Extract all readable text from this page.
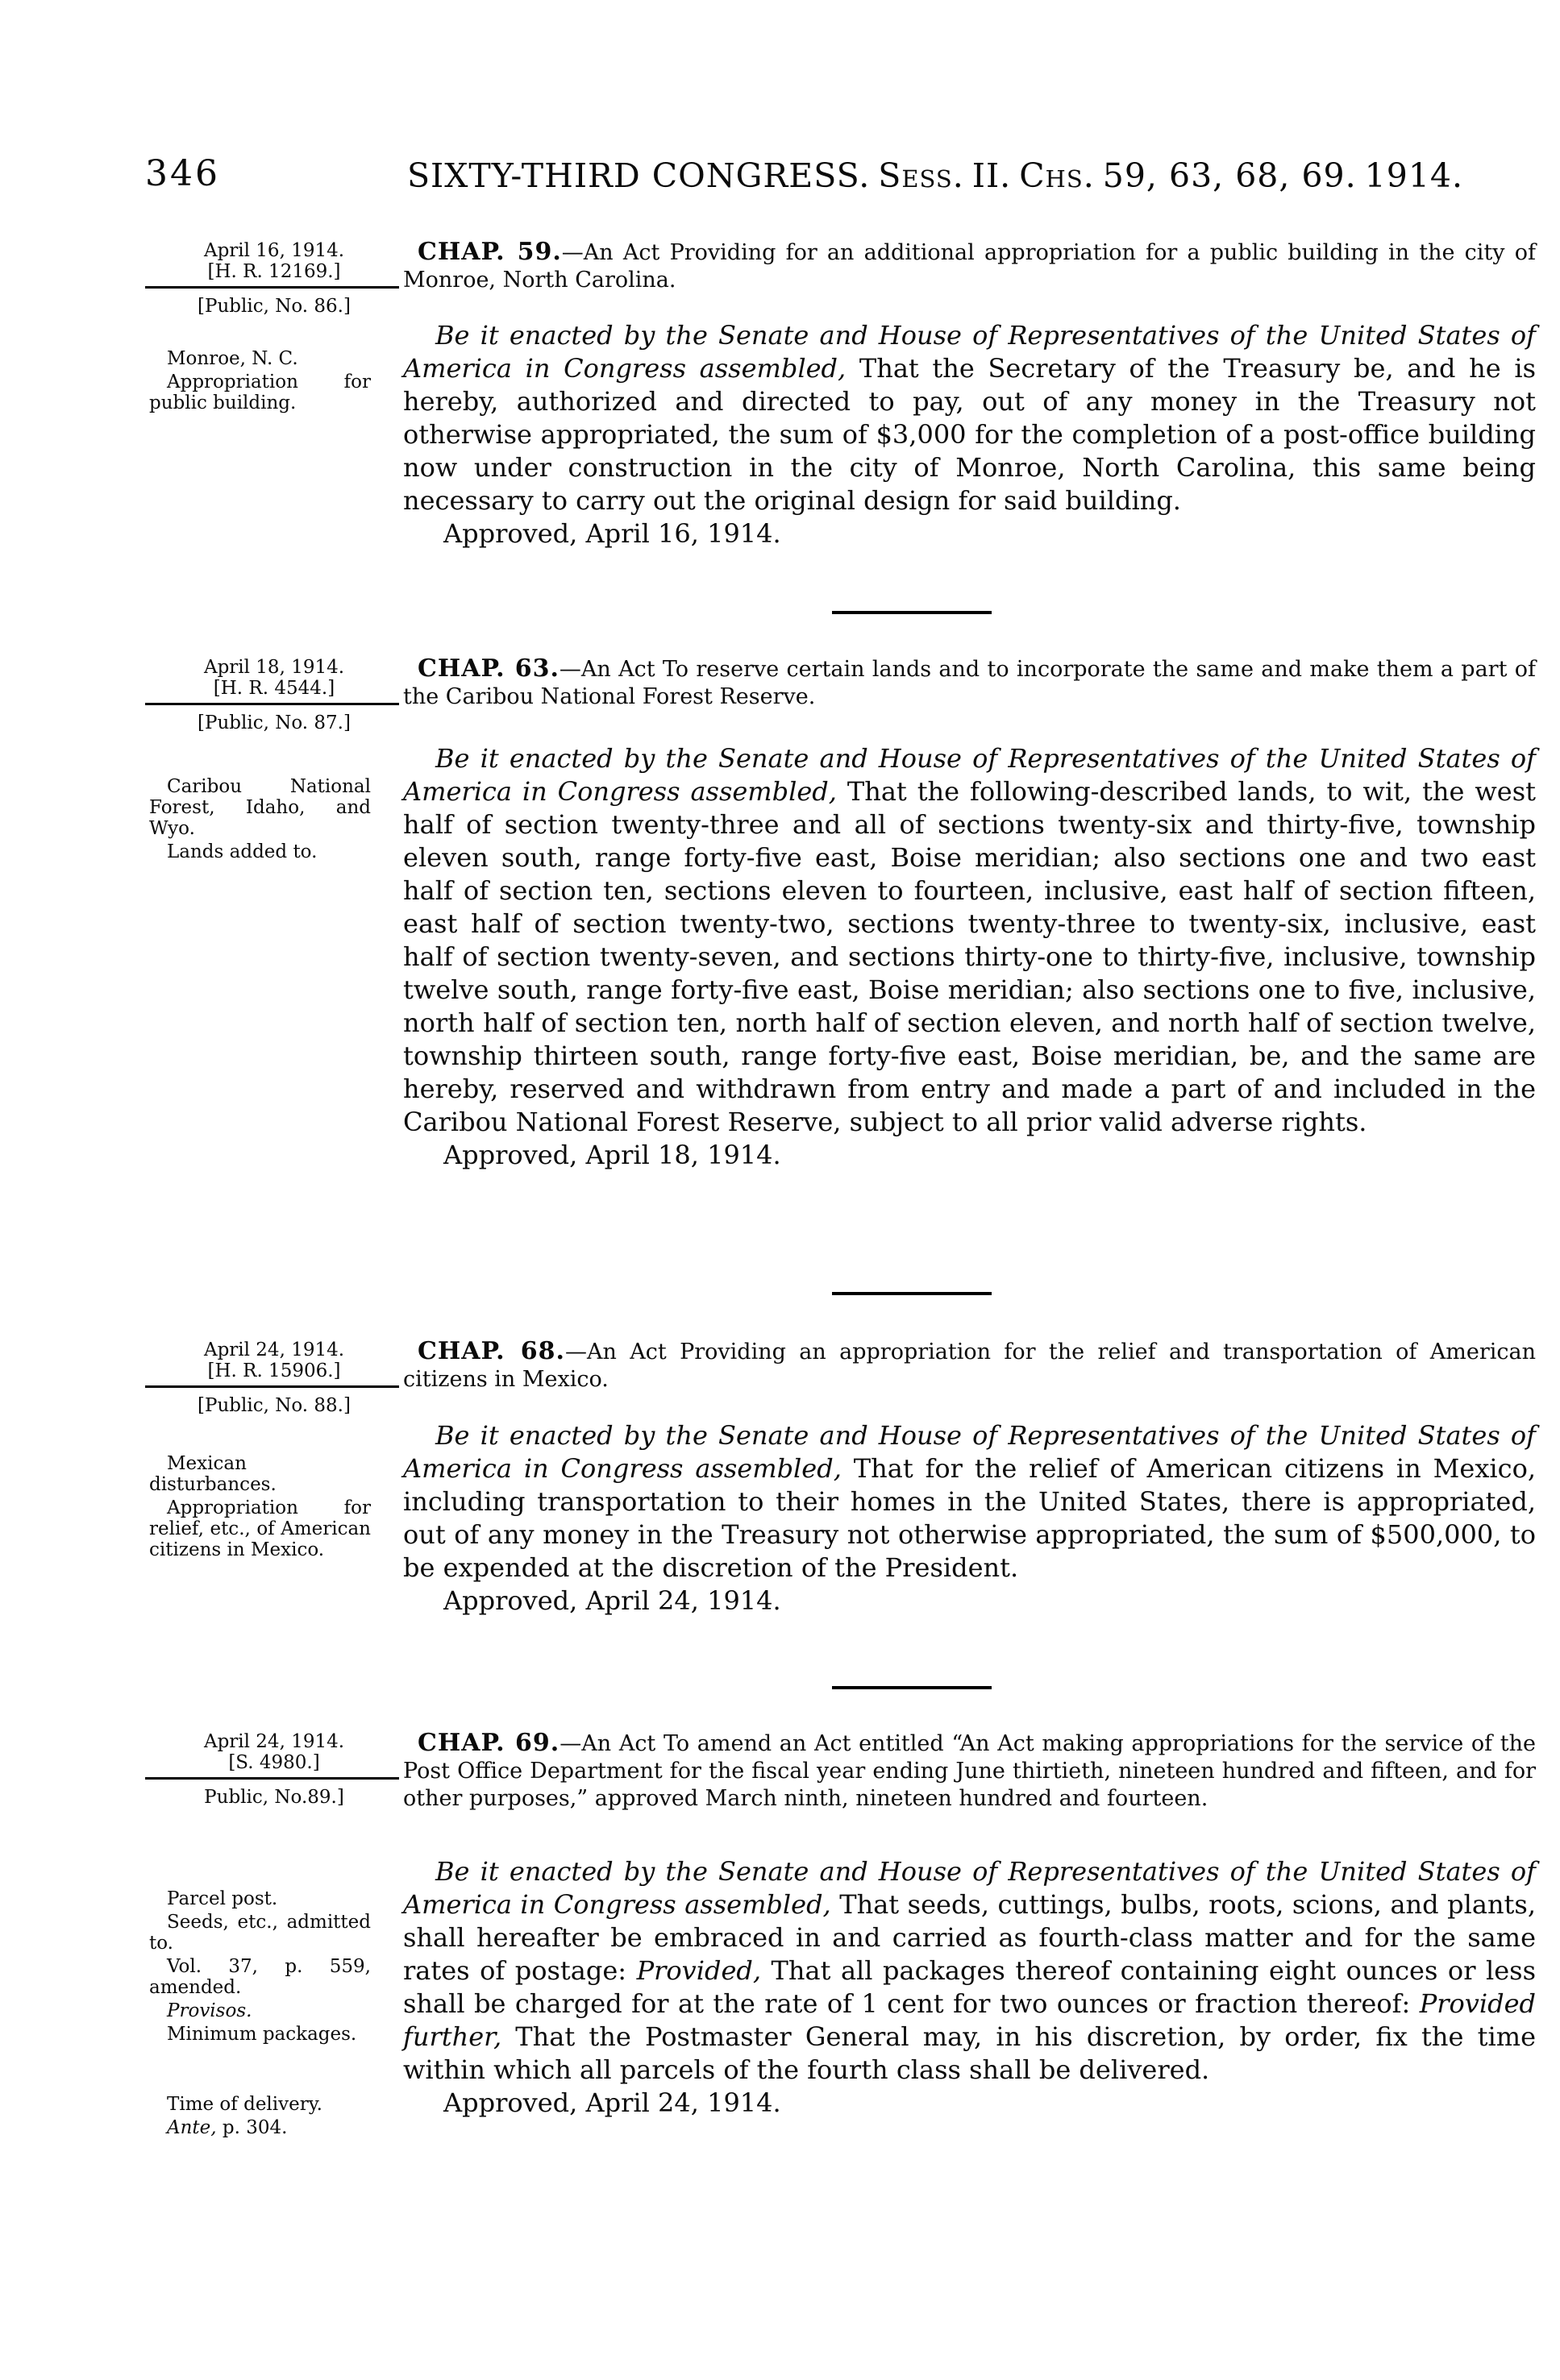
346	SIXTY-THIRD CONGRESS. Sess. II. Chs. 59, 63, 68, 69. 1914.
April 16, 1914.
[H. R. 12169.]
[Public, No. 86.]

Monroe, N. C.

Appropriation for public building.

CHAP. 59.—An Act Providing for an additional appropriation for a public building in the city of Monroe, North Carolina.

Be it enacted by the Senate and House of Representatives of the United States of America in Congress assembled, That the Secretary of the Treasury be, and he is hereby, authorized and directed to pay, out of any money in the Treasury not otherwise appropriated, the sum of $3,000 for the completion of a post-office building now under construction in the city of Monroe, North Carolina, this same being necessary to carry out the original design for said building.

Approved, April 16, 1914.

April 18, 1914.
[H. R. 4544.]
[Public, No. 87.]

Caribou National Forest, Idaho, and Wyo.

Lands added to.

CHAP. 63.—An Act To reserve certain lands and to incorporate the same and make them a part of the Caribou National Forest Reserve.

Be it enacted by the Senate and House of Representatives of the United States of America in Congress assembled, That the following-described lands, to wit, the west half of section twenty-three and all of sections twenty-six and thirty-five, township eleven south, range forty-five east, Boise meridian; also sections one and two east half of section ten, sections eleven to fourteen, inclusive, east half of section fifteen, east half of section twenty-two, sections twenty-three to twenty-six, inclusive, east half of section twenty-seven, and sections thirty-one to thirty-five, inclusive, township twelve south, range forty-five east, Boise meridian; also sections one to five, inclusive, north half of section ten, north half of section eleven, and north half of section twelve, township thirteen south, range forty-five east, Boise meridian, be, and the same are hereby, reserved and withdrawn from entry and made a part of and included in the Caribou National Forest Reserve, subject to all prior valid adverse rights.

Approved, April 18, 1914.

April 24, 1914.
[H. R. 15906.]
[Public, No. 88.]

Mexican disturbances.

Appropriation for relief, etc., of American citizens in Mexico.

CHAP. 68.—An Act Providing an appropriation for the relief and transportation of American citizens in Mexico.

Be it enacted by the Senate and House of Representatives of the United States of America in Congress assembled, That for the relief of American citizens in Mexico, including transportation to their homes in the United States, there is appropriated, out of any money in the Treasury not otherwise appropriated, the sum of $500,000, to be expended at the discretion of the President.

Approved, April 24, 1914.

April 24, 1914.
[S. 4980.]
Public, No.89.]

Parcel post.

Seeds, etc., admitted to.

Vol. 37, p. 559, amended.

Provisos.

Minimum packages.

Time of delivery.

Ante, p. 304.

CHAP. 69.—An Act To amend an Act entitled “An Act making appropriations for the service of the Post Office Department for the fiscal year ending June thirtieth, nineteen hundred and fifteen, and for other purposes,” approved March ninth, nineteen hundred and fourteen.

Be it enacted by the Senate and House of Representatives of the United States of America in Congress assembled, That seeds, cuttings, bulbs, roots, scions, and plants, shall hereafter be embraced in and carried as fourth-class matter and for the same rates of postage: Provided, That all packages thereof containing eight ounces or less shall be charged for at the rate of 1 cent for two ounces or fraction thereof: Provided further, That the Postmaster General may, in his discretion, by order, fix the time within which all parcels of the fourth class shall be delivered.

Approved, April 24, 1914.
